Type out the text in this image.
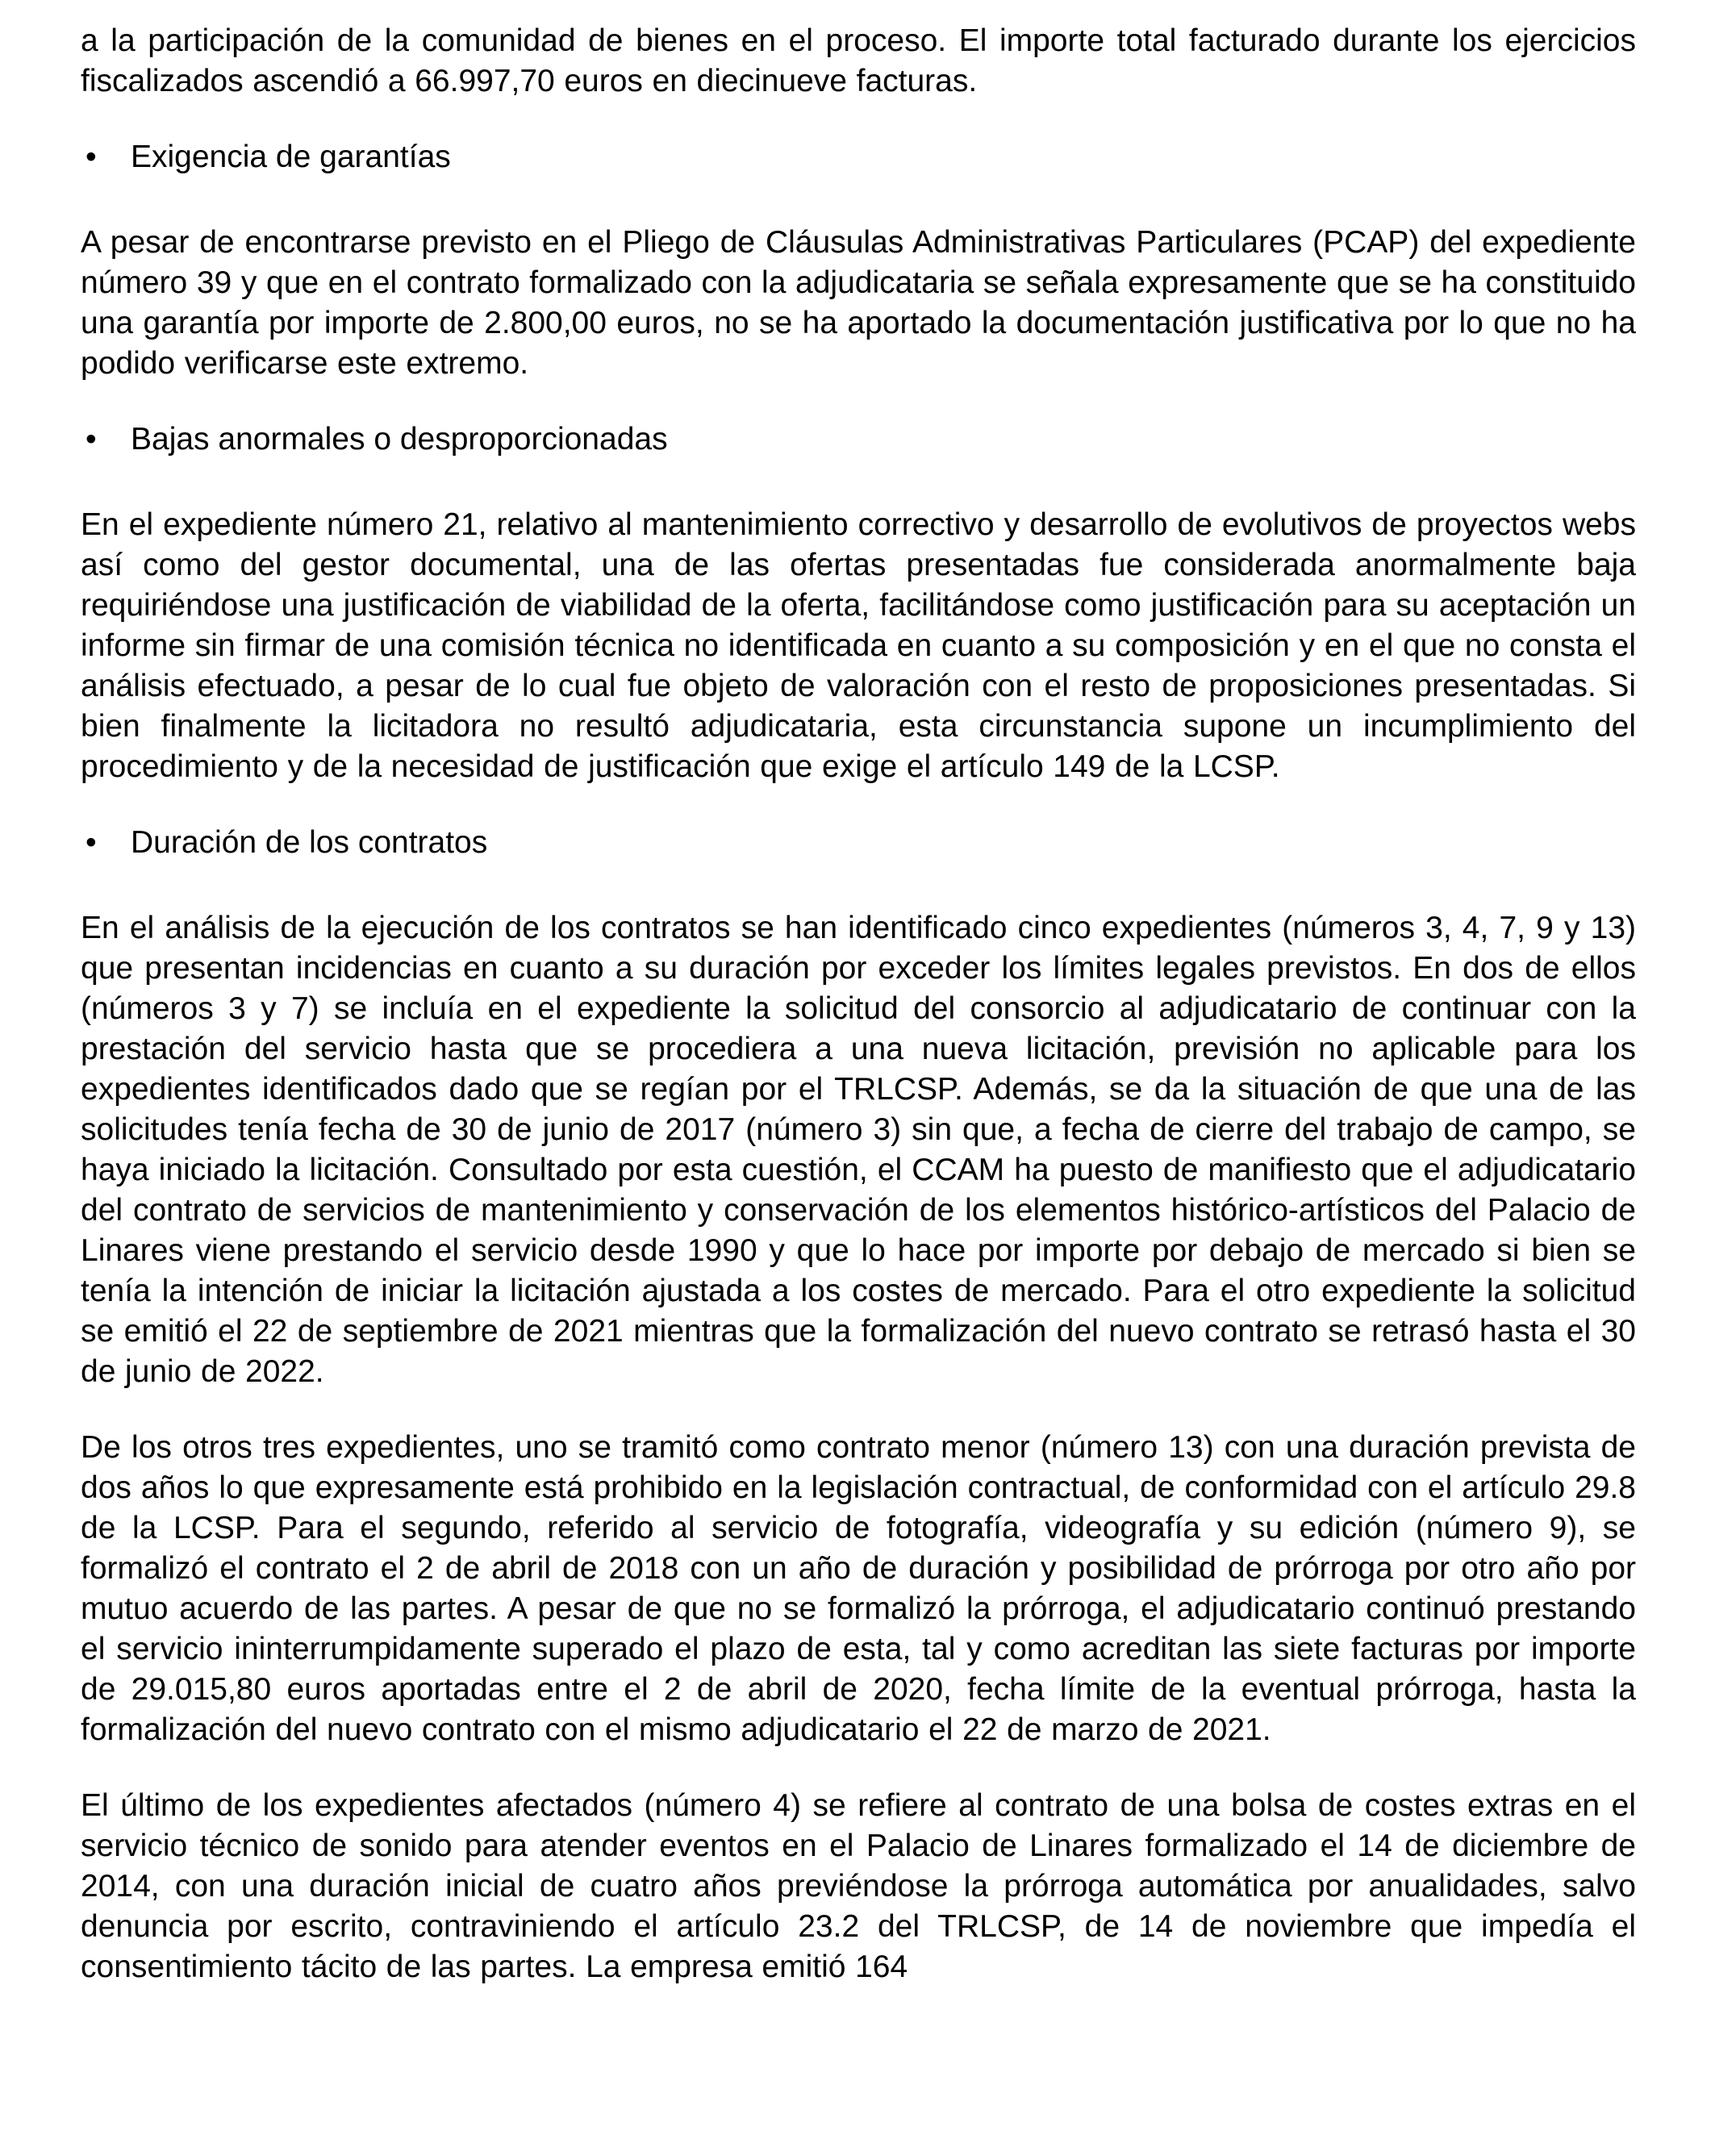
a la participación de la comunidad de bienes en el proceso. El importe total facturado durante los ejercicios fiscalizados ascendió a 66.997,70 euros en diecinueve facturas.

•	Exigencia de garantías

A pesar de encontrarse previsto en el Pliego de Cláusulas Administrativas Particulares (PCAP) del expediente número 39 y que en el contrato formalizado con la adjudicataria se señala expresamente que se ha constituido una garantía por importe de 2.800,00 euros, no se ha aportado la documentación justificativa por lo que no ha podido verificarse este extremo.

•	Bajas anormales o desproporcionadas

En el expediente número 21, relativo al mantenimiento correctivo y desarrollo de evolutivos de proyectos webs así como del gestor documental, una de las ofertas presentadas fue considerada anormalmente baja requiriéndose una justificación de viabilidad de la oferta, facilitándose como justificación para su aceptación un informe sin firmar de una comisión técnica no identificada en cuanto a su composición y en el que no consta el análisis efectuado, a pesar de lo cual fue objeto de valoración con el resto de proposiciones presentadas. Si bien finalmente la licitadora no resultó adjudicataria, esta circunstancia supone un incumplimiento del procedimiento y de la necesidad de justificación que exige el artículo 149 de la LCSP.

•	Duración de los contratos

En el análisis de la ejecución de los contratos se han identificado cinco expedientes (números 3, 4, 7, 9 y 13) que presentan incidencias en cuanto a su duración por exceder los límites legales previstos. En dos de ellos (números 3 y 7) se incluía en el expediente la solicitud del consorcio al adjudicatario de continuar con la prestación del servicio hasta que se procediera a una nueva licitación, previsión no aplicable para los expedientes identificados dado que se regían por el TRLCSP. Además, se da la situación de que una de las solicitudes tenía fecha de 30 de junio de 2017 (número 3) sin que, a fecha de cierre del trabajo de campo, se haya iniciado la licitación. Consultado por esta cuestión, el CCAM ha puesto de manifiesto que el adjudicatario del contrato de servicios de mantenimiento y conservación de los elementos histórico-artísticos del Palacio de Linares viene prestando el servicio desde 1990 y que lo hace por importe por debajo de mercado si bien se tenía la intención de iniciar la licitación ajustada a los costes de mercado. Para el otro expediente la solicitud se emitió el 22 de septiembre de 2021 mientras que la formalización del nuevo contrato se retrasó hasta el 30 de junio de 2022.

De los otros tres expedientes, uno se tramitó como contrato menor (número 13) con una duración prevista de dos años lo que expresamente está prohibido en la legislación contractual, de conformidad con el artículo 29.8 de la LCSP. Para el segundo, referido al servicio de fotografía, videografía y su edición (número 9), se formalizó el contrato el 2 de abril de 2018 con un año de duración y posibilidad de prórroga por otro año por mutuo acuerdo de las partes. A pesar de que no se formalizó la prórroga, el adjudicatario continuó prestando el servicio ininterrumpidamente superado el plazo de esta, tal y como acreditan las siete facturas por importe de 29.015,80 euros aportadas entre el 2 de abril de 2020, fecha límite de la eventual prórroga, hasta la formalización del nuevo contrato con el mismo adjudicatario el 22 de marzo de 2021.

El último de los expedientes afectados (número 4) se refiere al contrato de una bolsa de costes extras en el servicio técnico de sonido para atender eventos en el Palacio de Linares formalizado el 14 de diciembre de 2014, con una duración inicial de cuatro años previéndose la prórroga automática por anualidades, salvo denuncia por escrito, contraviniendo el artículo 23.2 del TRLCSP, de 14 de noviembre que impedía el consentimiento tácito de las partes. La empresa emitió 164
